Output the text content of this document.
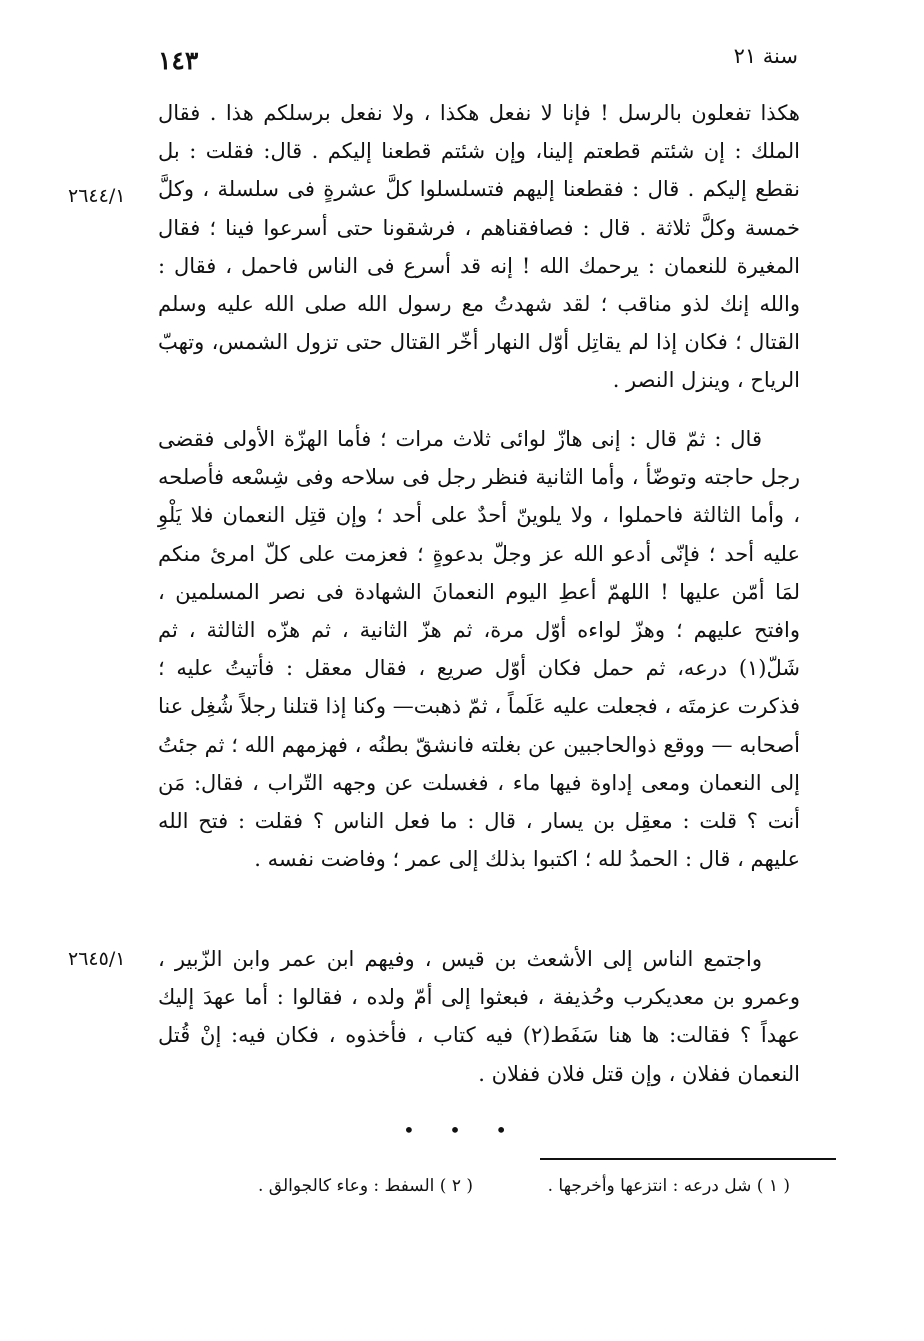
سنة ٢١
١٤٣
٢٦٤٤/١
٢٦٤٥/١

هكذا تفعلون بالرسل ! فإنا لا نفعل هكذا ، ولا نفعل برسلكم هذا . فقال الملك : إن شئتم قطعتم إلينا، وإن شئتم قطعنا إليكم . قال: فقلت : بل نقطع إليكم . قال : فقطعنا إليهم فتسلسلوا كلَّ عشرةٍ فى سلسلة ، وكلَّ خمسة وكلَّ ثلاثة . قال : فصافقناهم ، فرشقونا حتى أسرعوا فينا ؛ فقال المغيرة للنعمان : يرحمك الله ! إنه قد أسرع فى الناس فاحمل ، فقال : والله إنك لذو مناقب ؛ لقد شهدتُ مع رسول الله صلى الله عليه وسلم القتال ؛ فكان إذا لم يقاتِل أوّل النهار أخّر القتال حتى تزول الشمس، وتهبّ الرياح ، وينزل النصر .

قال : ثمّ قال : إنى هازّ لوائى ثلاث مرات ؛ فأما الهزّة الأولى فقضى رجل حاجته وتوضّأ ، وأما الثانية فنظر رجل فى سلاحه وفى شِسْعه فأصلحه ، وأما الثالثة فاحملوا ، ولا يلوينّ أحدٌ على أحد ؛ وإن قتِل النعمان فلا يَلْوِ عليه أحد ؛ فإنّى أدعو الله عز وجلّ بدعوةٍ ؛ فعزمت على كلّ امرئ منكم لمَا أمّن عليها ! اللهمّ أعطِ اليوم النعمانَ الشهادة فى نصر المسلمين ، وافتح عليهم ؛ وهزّ لواءه أوّل مرة، ثم هزّ الثانية ، ثم هزّه الثالثة ، ثم شَلّ(١) درعه، ثم حمل فكان أوّل صريع ، فقال معقل : فأتيتُ عليه ؛ فذكرت عزمتَه ، فجعلت عليه عَلَماً ، ثمّ ذهبت— وكنا إذا قتلنا رجلاً شُغِل عنا أصحابه — ووقع ذوالحاجبين عن بغلته فانشقّ بطنُه ، فهزمهم الله ؛ ثم جئتُ إلى النعمان ومعى إداوة فيها ماء ، فغسلت عن وجهه التّراب ، فقال: مَن أنت ؟ قلت : معقِل بن يسار ، قال : ما فعل الناس ؟ فقلت : فتح الله عليهم ، قال : الحمدُ لله ؛ اكتبوا بذلك إلى عمر ؛ وفاضت نفسه .

واجتمع الناس إلى الأشعث بن قيس ، وفيهم ابن عمر وابن الزّبير ، وعمرو بن معديكرب وحُذيفة ، فبعثوا إلى أمّ ولده ، فقالوا : أما عهدَ إليك عهداً ؟ فقالت: ها هنا سَفَط(٢) فيه كتاب ، فأخذوه ، فكان فيه: إنْ قُتل النعمان ففلان ، وإن قتل فلان ففلان .

• • •
( ١ ) شل درعه : انتزعها وأخرجها .
( ٢ ) السفط : وعاء كالجوالق .
